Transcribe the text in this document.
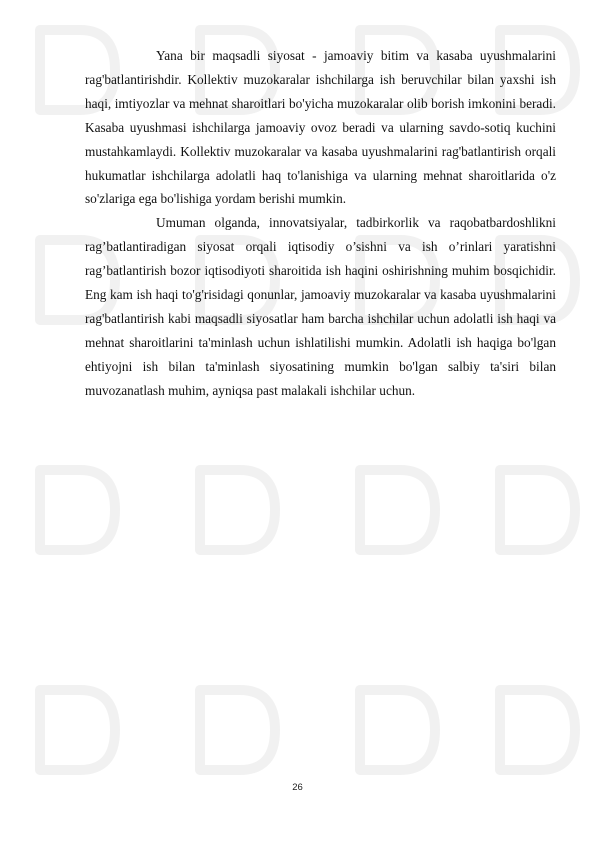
Yana bir maqsadli siyosat - jamoaviy bitim va kasaba uyushmalarini rag'batlantirishdir. Kollektiv muzokaralar ishchilarga ish beruvchilar bilan yaxshi ish haqi, imtiyozlar va mehnat sharoitlari bo'yicha muzokaralar olib borish imkonini beradi. Kasaba uyushmasi ishchilarga jamoaviy ovoz beradi va ularning savdo-sotiq kuchini mustahkamlaydi. Kollektiv muzokaralar va kasaba uyushmalarini rag'batlantirish orqali hukumatlar ishchilarga adolatli haq to'lanishiga va ularning mehnat sharoitlarida o'z so'zlariga ega bo'lishiga yordam berishi mumkin.

Umuman olganda, innovatsiyalar, tadbirkorlik va raqobatbardoshlikni rag’batlantiradigan siyosat orqali iqtisodiy o’sishni va ish o’rinlari yaratishni rag’batlantirish bozor iqtisodiyoti sharoitida ish haqini oshirishning muhim bosqichidir. Eng kam ish haqi to'g'risidagi qonunlar, jamoaviy muzokaralar va kasaba uyushmalarini rag'batlantirish kabi maqsadli siyosatlar ham barcha ishchilar uchun adolatli ish haqi va mehnat sharoitlarini ta'minlash uchun ishlatilishi mumkin. Adolatli ish haqiga bo'lgan ehtiyojni ish bilan ta'minlash siyosatining mumkin bo'lgan salbiy ta'siri bilan muvozanatlash muhim, ayniqsa past malakali ishchilar uchun.

26
